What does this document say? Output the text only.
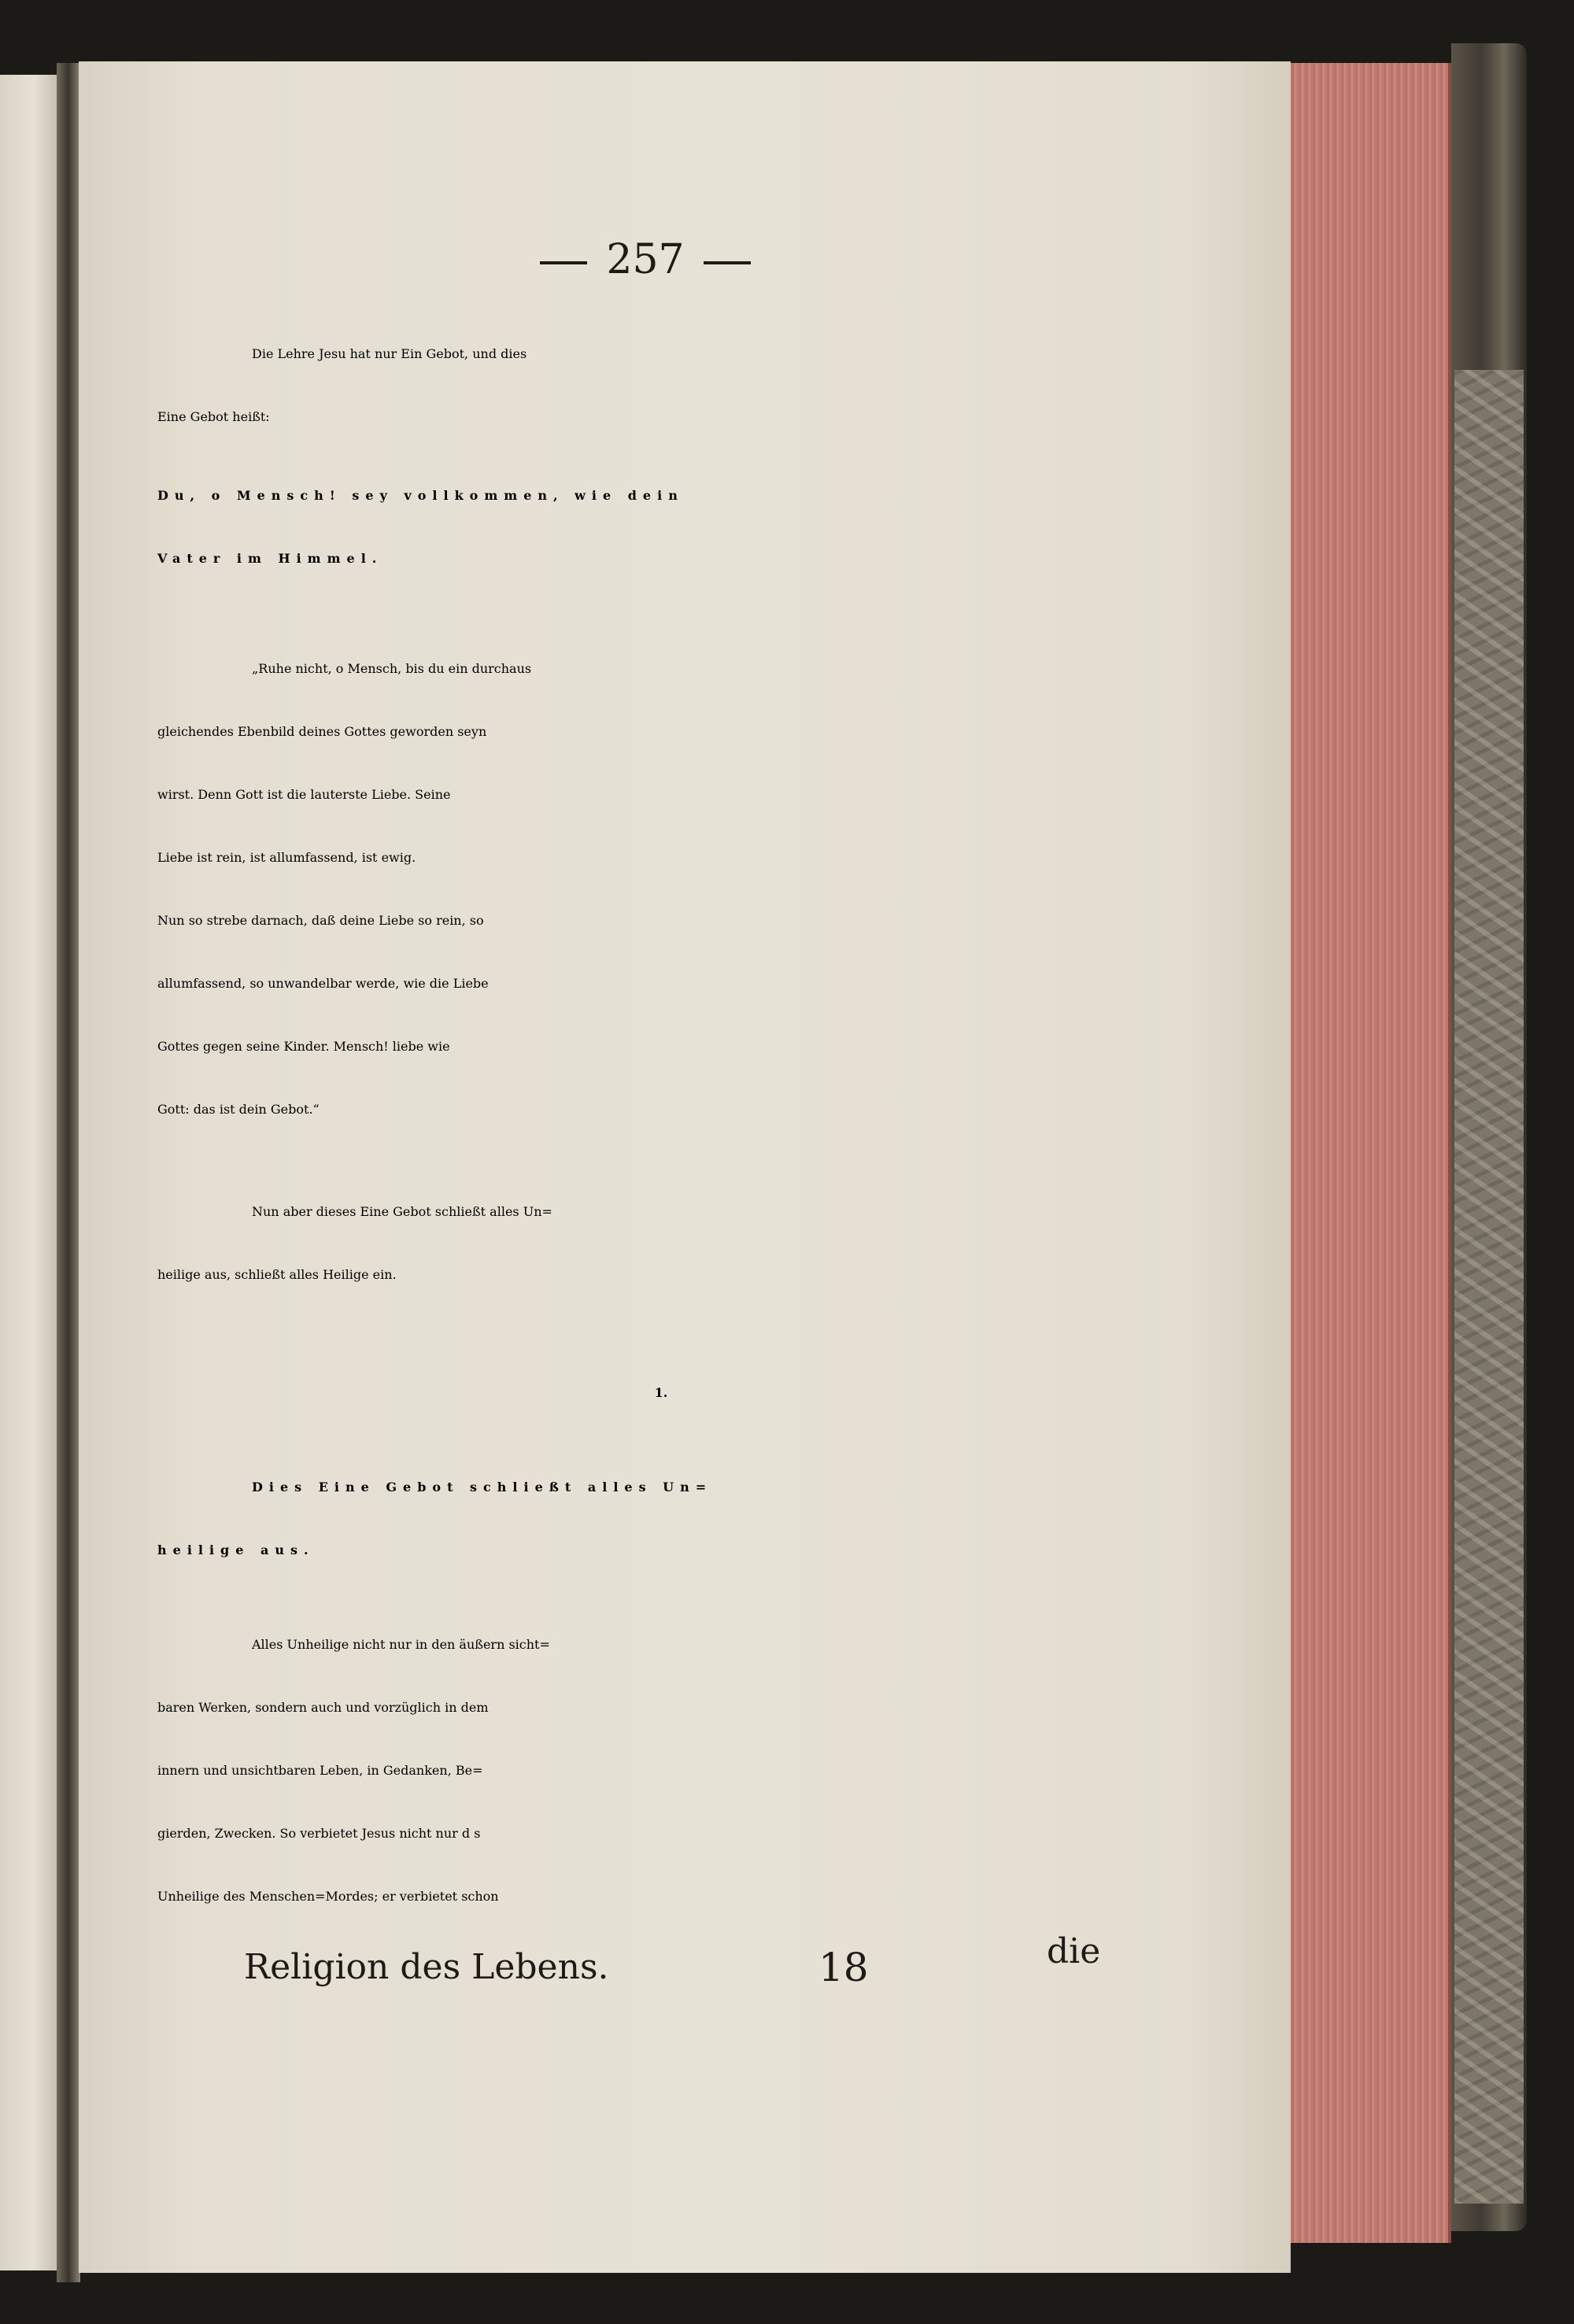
257
Die Lehre Jesu hat nur Ein Gebot, und dies
Eine Gebot heißt:
Du, o Mensch! sey vollkommen, wie dein
Vater im Himmel.
„Ruhe nicht, o Mensch, bis du ein durchaus
gleichendes Ebenbild deines Gottes geworden seyn
wirst. Denn Gott ist die lauterste Liebe. Seine
Liebe ist rein, ist allumfassend, ist ewig.
Nun so strebe darnach, daß deine Liebe so rein, so
allumfassend, so unwandelbar werde, wie die Liebe
Gottes gegen seine Kinder. Mensch! liebe wie
Gott: das ist dein Gebot.“
Nun aber dieses Eine Gebot schließt alles Un=
heilige aus, schließt alles Heilige ein.
1.
Dies Eine Gebot schließt alles Un=
heilige aus.
Alles Unheilige nicht nur in den äußern sicht=
baren Werken, sondern auch und vorzüglich in dem
innern und unsichtbaren Leben, in Gedanken, Be=
gierden, Zwecken. So verbietet Jesus nicht nur d s
Unheilige des Menschen=Mordes; er verbietet schon
Religion des Lebens.	18	die
